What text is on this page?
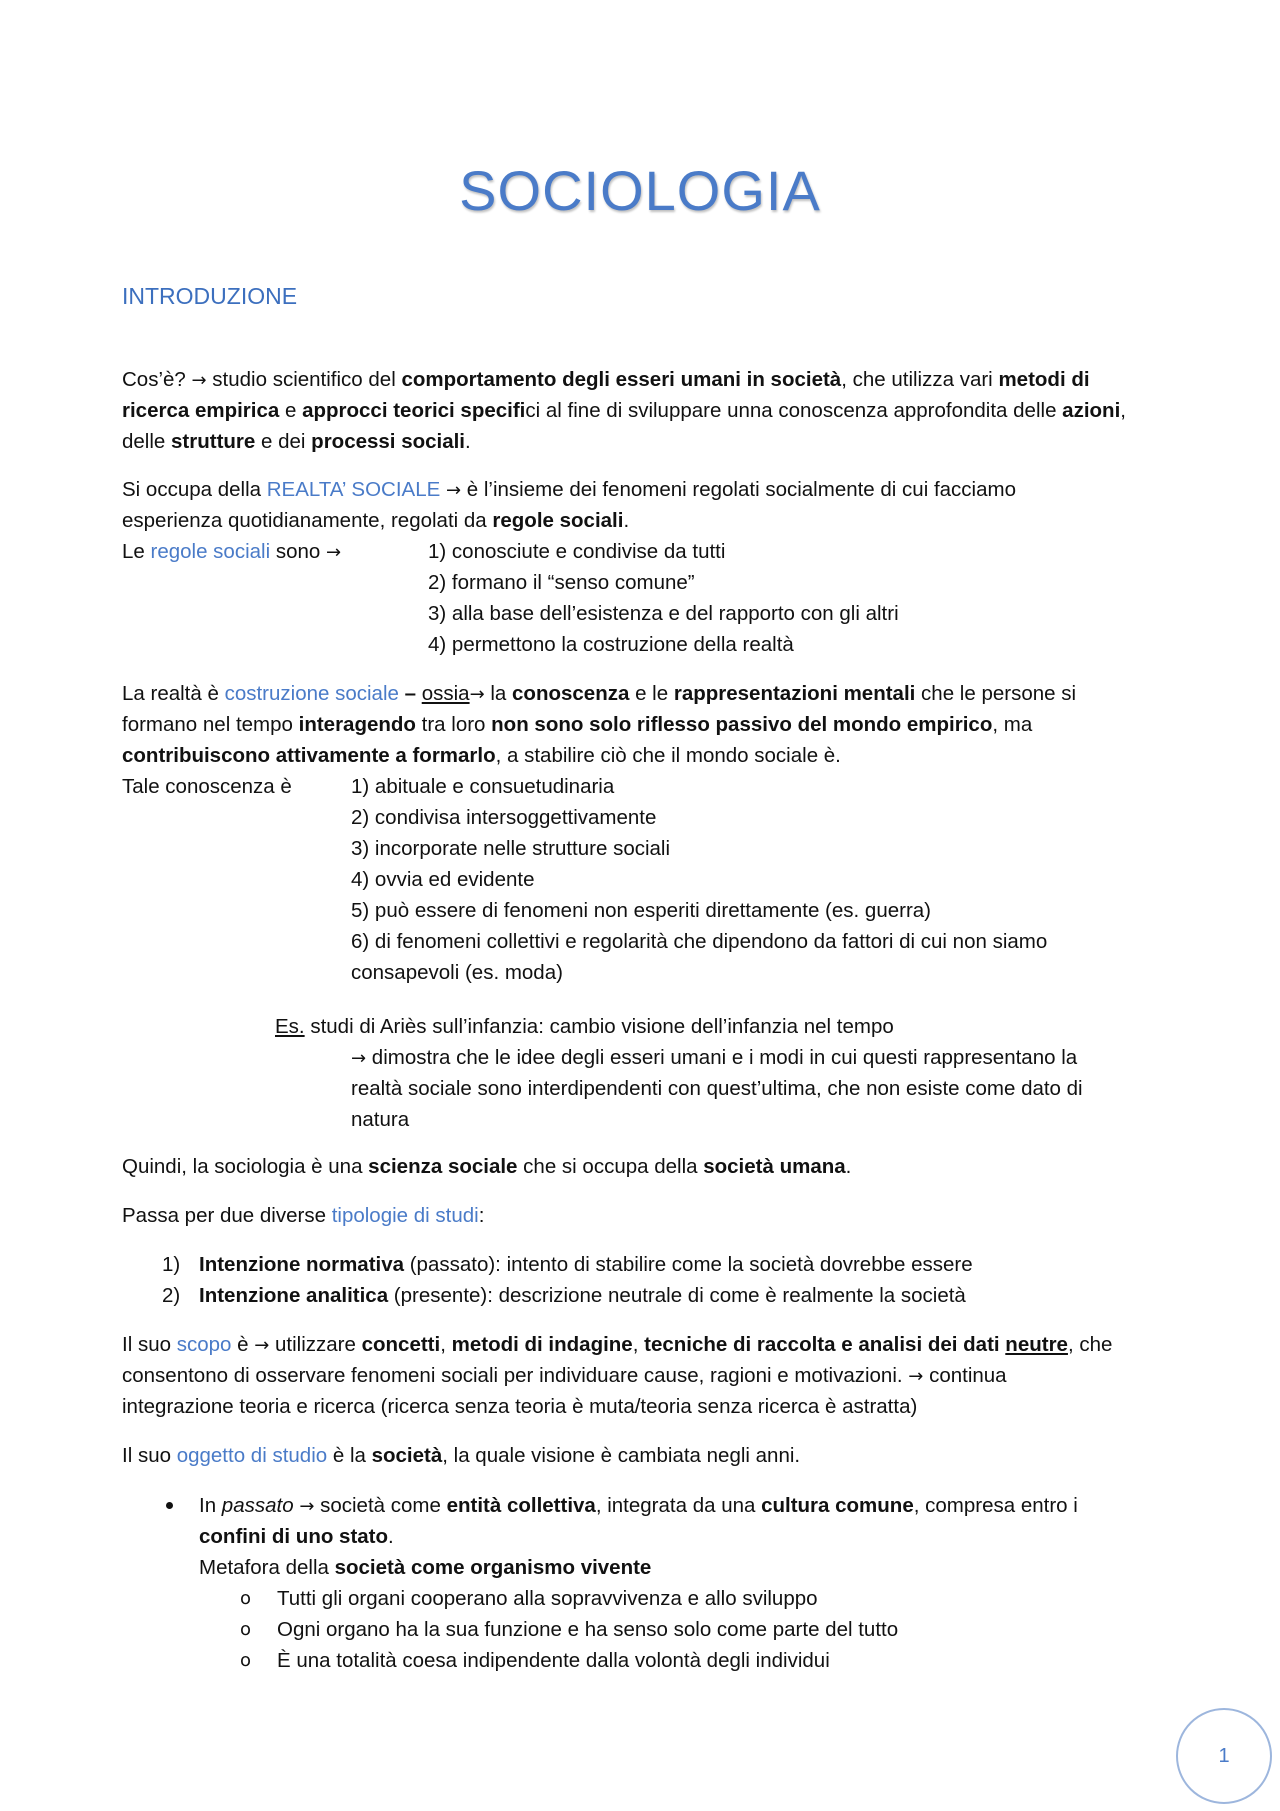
SOCIOLOGIA
INTRODUZIONE
Cos’è? → studio scientifico del comportamento degli esseri umani in società, che utilizza vari metodi di
ricerca empirica e approcci teorici specifici al fine di sviluppare unna conoscenza approfondita delle azioni,
delle strutture e dei processi sociali.
Si occupa della REALTA’ SOCIALE → è l’insieme dei fenomeni regolati socialmente di cui facciamo
esperienza quotidianamente, regolati da regole sociali.
Le regole sociali sono →	1) conosciute e condivise da tutti
2) formano il “senso comune”
3) alla base dell’esistenza e del rapporto con gli altri
4) permettono la costruzione della realtà
La realtà è costruzione sociale – ossia→ la conoscenza e le rappresentazioni mentali che le persone si
formano nel tempo interagendo tra loro non sono solo riflesso passivo del mondo empirico, ma
contribuiscono attivamente a formarlo, a stabilire ciò che il mondo sociale è.
Tale conoscenza è	1) abituale e consuetudinaria
2) condivisa intersoggettivamente
3) incorporate nelle strutture sociali
4) ovvia ed evidente
5) può essere di fenomeni non esperiti direttamente (es. guerra)
6) di fenomeni collettivi e regolarità che dipendono da fattori di cui non siamo
consapevoli (es. moda)
Es. studi di Ariès sull’infanzia: cambio visione dell’infanzia nel tempo
→ dimostra che le idee degli esseri umani e i modi in cui questi rappresentano la
realtà sociale sono interdipendenti con quest’ultima, che non esiste come dato di
natura
Quindi, la sociologia è una scienza sociale che si occupa della società umana.
Passa per due diverse tipologie di studi:
1) Intenzione normativa (passato): intento di stabilire come la società dovrebbe essere
2) Intenzione analitica (presente): descrizione neutrale di come è realmente la società
Il suo scopo è → utilizzare concetti, metodi di indagine, tecniche di raccolta e analisi dei dati neutre, che
consentono di osservare fenomeni sociali per individuare cause, ragioni e motivazioni. → continua
integrazione teoria e ricerca (ricerca senza teoria è muta/teoria senza ricerca è astratta)
Il suo oggetto di studio è la società, la quale visione è cambiata negli anni.
In passato → società come entità collettiva, integrata da una cultura comune, compresa entro i
confini di uno stato.
Metafora della società come organismo vivente
o Tutti gli organi cooperano alla sopravvivenza e allo sviluppo
o Ogni organo ha la sua funzione e ha senso solo come parte del tutto
o È una totalità coesa indipendente dalla volontà degli individui
1
